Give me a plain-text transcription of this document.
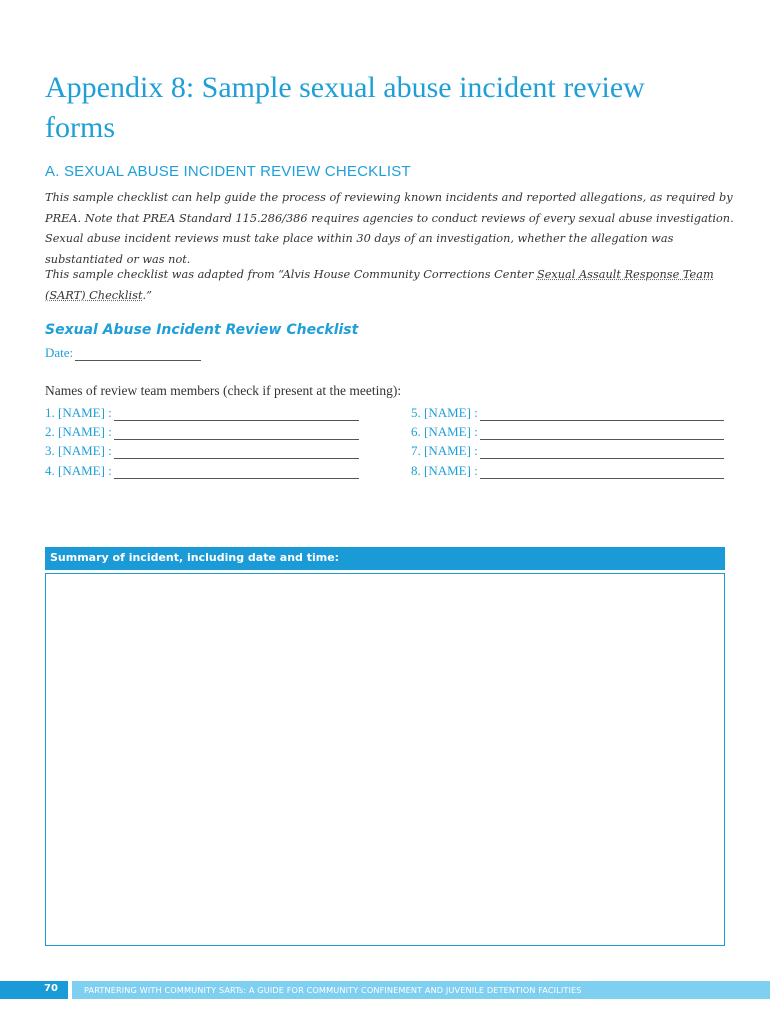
Appendix 8: Sample sexual abuse incident review forms
A. SEXUAL ABUSE INCIDENT REVIEW CHECKLIST

This sample checklist can help guide the process of reviewing known incidents and reported allegations, as required by PREA. Note that PREA Standard 115.286/386 requires agencies to conduct reviews of every sexual abuse investigation. Sexual abuse incident reviews must take place within 30 days of an investigation, whether the allegation was substantiated or was not.

This sample checklist was adapted from “Alvis House Community Corrections Center Sexual Assault Response Team (SART) Checklist.”

Sexual Abuse Incident Review Checklist
Date:
Names of review team members (check if present at the meeting):
1. [NAME] :
2. [NAME] :
3. [NAME] :
4. [NAME] :
5. [NAME] :
6. [NAME] :
7. [NAME] :
8. [NAME] :
Summary of incident, including date and time:
70	PARTNERING WITH COMMUNITY SARTs: A GUIDE FOR COMMUNITY CONFINEMENT AND JUVENILE DETENTION FACILITIES
